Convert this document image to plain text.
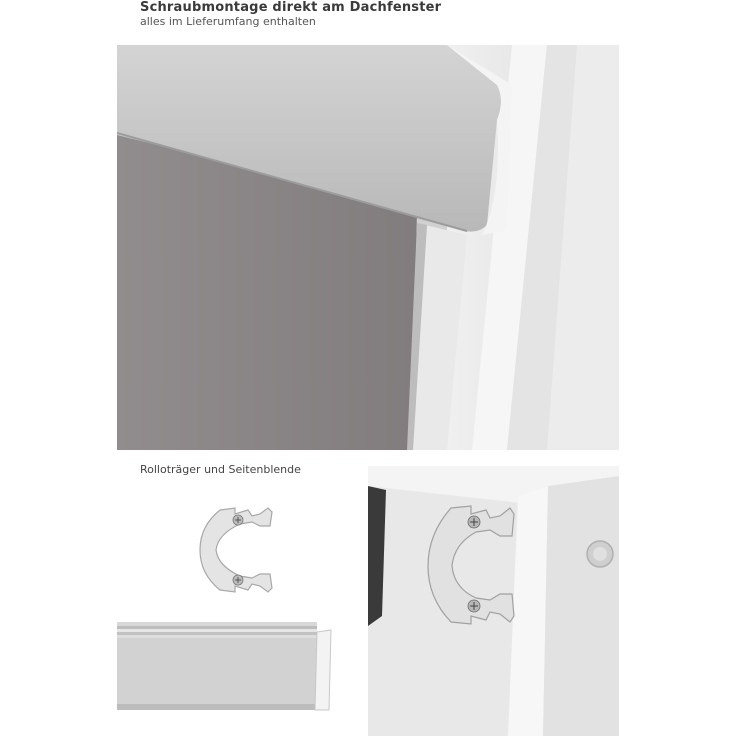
Schraubmontage direkt am Dachfenster
alles im Lieferumfang enthalten
Rolloträger und Seitenblende
